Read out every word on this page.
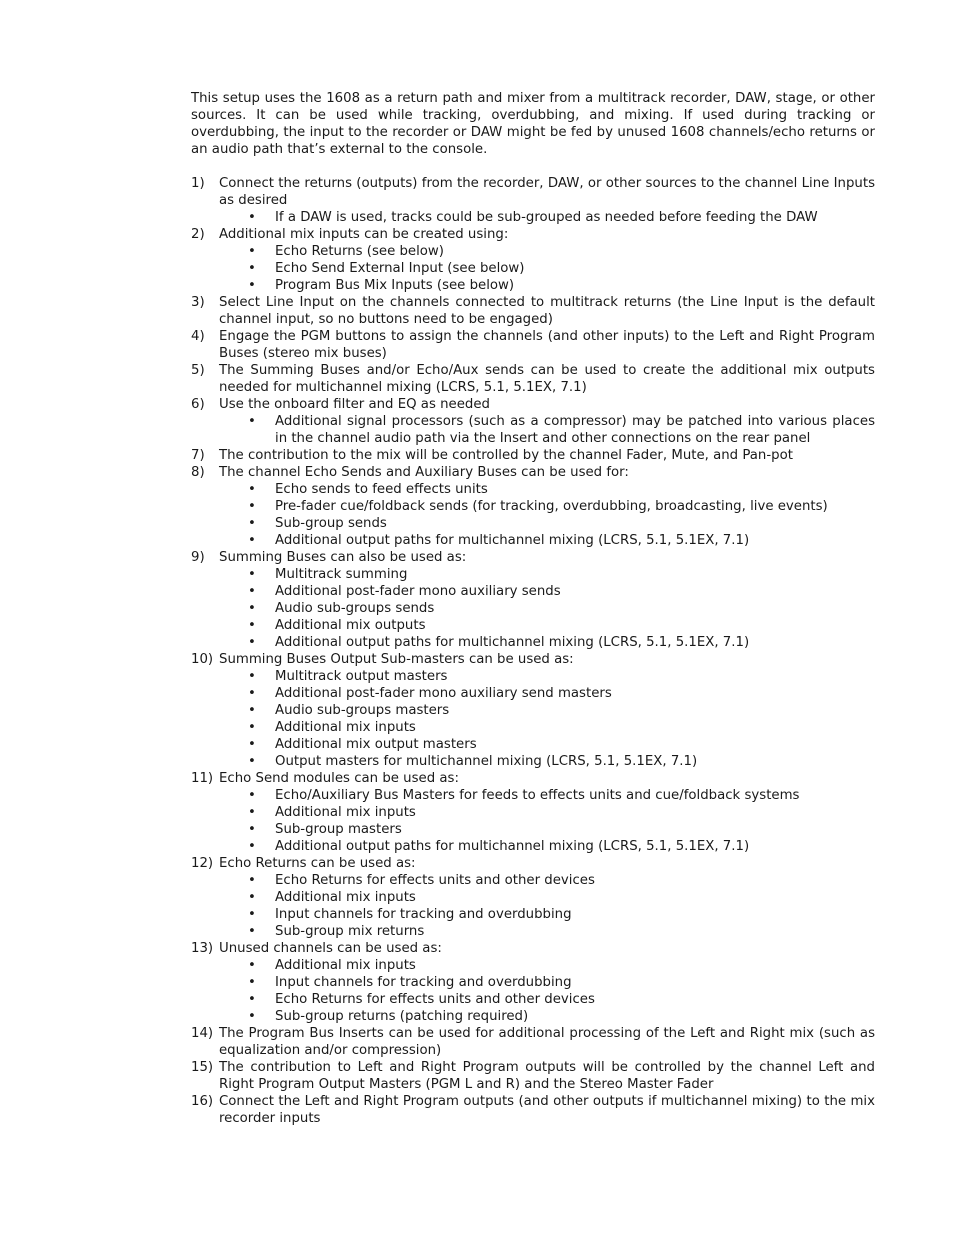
This setup uses the 1608 as a return path and mixer from a multitrack recorder, DAW, stage, or other sources. It can be used while tracking, overdubbing, and mixing. If used during tracking or overdubbing, the input to the recorder or DAW might be fed by unused 1608 channels/echo returns or an audio path that’s external to the console.

1) Connect the returns (outputs) from the recorder, DAW, or other sources to the channel Line Inputs as desired
• If a DAW is used, tracks could be sub-grouped as needed before feeding the DAW
2) Additional mix inputs can be created using:
• Echo Returns (see below)
• Echo Send External Input (see below)
• Program Bus Mix Inputs (see below)
3) Select Line Input on the channels connected to multitrack returns (the Line Input is the default channel input, so no buttons need to be engaged)
4) Engage the PGM buttons to assign the channels (and other inputs) to the Left and Right Program Buses (stereo mix buses)
5) The Summing Buses and/or Echo/Aux sends can be used to create the additional mix outputs needed for multichannel mixing (LCRS, 5.1, 5.1EX, 7.1)
6) Use the onboard filter and EQ as needed
• Additional signal processors (such as a compressor) may be patched into various places in the channel audio path via the Insert and other connections on the rear panel
7) The contribution to the mix will be controlled by the channel Fader, Mute, and Pan-pot
8) The channel Echo Sends and Auxiliary Buses can be used for:
• Echo sends to feed effects units
• Pre-fader cue/foldback sends (for tracking, overdubbing, broadcasting, live events)
• Sub-group sends
• Additional output paths for multichannel mixing (LCRS, 5.1, 5.1EX, 7.1)
9) Summing Buses can also be used as:
• Multitrack summing
• Additional post-fader mono auxiliary sends
• Audio sub-groups sends
• Additional mix outputs
• Additional output paths for multichannel mixing (LCRS, 5.1, 5.1EX, 7.1)
10) Summing Buses Output Sub-masters can be used as:
• Multitrack output masters
• Additional post-fader mono auxiliary send masters
• Audio sub-groups masters
• Additional mix inputs
• Additional mix output masters
• Output masters for multichannel mixing (LCRS, 5.1, 5.1EX, 7.1)
11) Echo Send modules can be used as:
• Echo/Auxiliary Bus Masters for feeds to effects units and cue/foldback systems
• Additional mix inputs
• Sub-group masters
• Additional output paths for multichannel mixing (LCRS, 5.1, 5.1EX, 7.1)
12) Echo Returns can be used as:
• Echo Returns for effects units and other devices
• Additional mix inputs
• Input channels for tracking and overdubbing
• Sub-group mix returns
13) Unused channels can be used as:
• Additional mix inputs
• Input channels for tracking and overdubbing
• Echo Returns for effects units and other devices
• Sub-group returns (patching required)
14) The Program Bus Inserts can be used for additional processing of the Left and Right mix (such as equalization and/or compression)
15) The contribution to Left and Right Program outputs will be controlled by the channel Left and Right Program Output Masters (PGM L and R) and the Stereo Master Fader
16) Connect the Left and Right Program outputs (and other outputs if multichannel mixing) to the mix recorder inputs
